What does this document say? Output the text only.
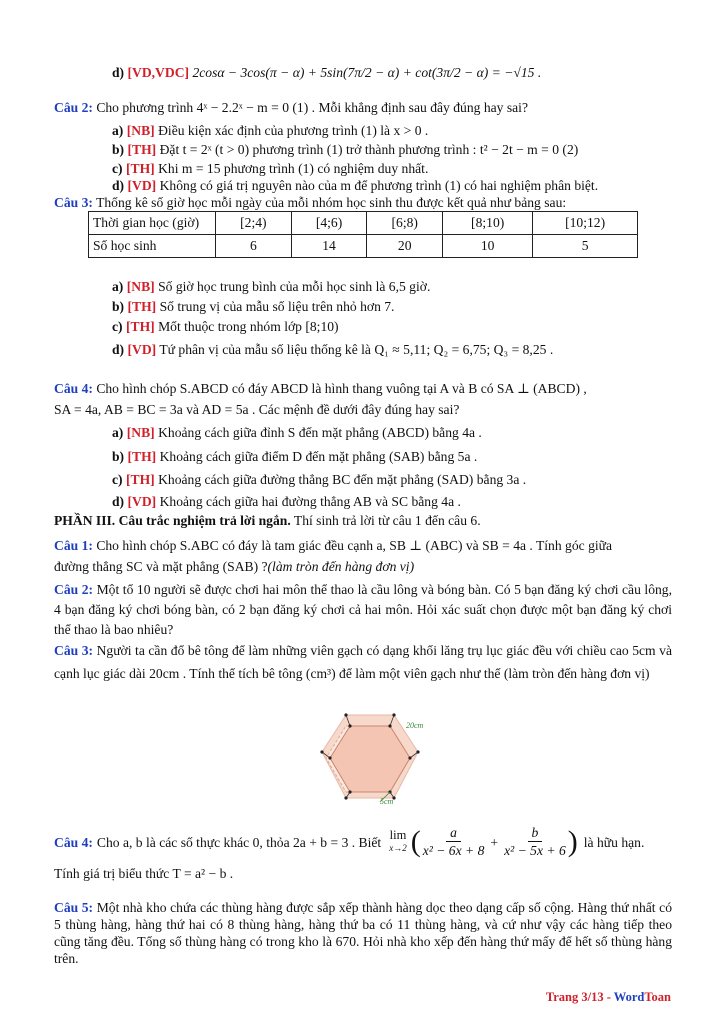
d) [VD,VDC] 2cosα − 3cos(π − α) + 5sin(7π/2 − α) + cot(3π/2 − α) = −√15 .
Câu 2: Cho phương trình 4ˣ − 2.2ˣ − m = 0 (1) . Mỗi khẳng định sau đây đúng hay sai?
a) [NB] Điều kiện xác định của phương trình (1) là x > 0 .
b) [TH] Đặt t = 2ˣ (t > 0) phương trình (1) trở thành phương trình : t² − 2t − m = 0 (2)
c) [TH] Khi m = 15 phương trình (1) có nghiệm duy nhất.
d) [VD] Không có giá trị nguyên nào của m để phương trình (1) có hai nghiệm phân biệt.
Câu 3: Thống kê số giờ học mỗi ngày của mỗi nhóm học sinh thu được kết quả như bảng sau:
Thời gian học (giờ)	[2;4)	[4;6)	[6;8)	[8;10)	[10;12)
Số học sinh	6	14	20	10	5
a) [NB] Số giờ học trung bình của mỗi học sinh là 6,5 giờ.
b) [TH] Số trung vị của mẫu số liệu trên nhỏ hơn 7.
c) [TH] Mốt thuộc trong nhóm lớp [8;10)
d) [VD] Tứ phân vị của mẫu số liệu thống kê là Q₁ ≈ 5,11; Q₂ = 6,75; Q₃ = 8,25 .
Câu 4: Cho hình chóp S.ABCD có đáy ABCD là hình thang vuông tại A và B có SA ⊥ (ABCD) ,
SA = 4a, AB = BC = 3a và AD = 5a . Các mệnh đề dưới đây đúng hay sai?
a) [NB] Khoảng cách giữa đỉnh S đến mặt phẳng (ABCD) bằng 4a .
b) [TH] Khoảng cách giữa điểm D đến mặt phẳng (SAB) bằng 5a .
c) [TH] Khoảng cách giữa đường thẳng BC đến mặt phẳng (SAD) bằng 3a .
d) [VD] Khoảng cách giữa hai đường thẳng AB và SC bằng 4a .
PHẦN III. Câu trắc nghiệm trả lời ngắn. Thí sinh trả lời từ câu 1 đến câu 6.
Câu 1: Cho hình chóp S.ABC có đáy là tam giác đều cạnh a, SB ⊥ (ABC) và SB = 4a . Tính góc giữa
đường thẳng SC và mặt phẳng (SAB) ?(làm tròn đến hàng đơn vị)
Câu 2: Một tổ 10 người sẽ được chơi hai môn thể thao là cầu lông và bóng bàn. Có 5 bạn đăng ký chơi cầu lông, 4 bạn đăng ký chơi bóng bàn, có 2 bạn đăng ký chơi cả hai môn. Hỏi xác suất chọn được một bạn đăng ký chơi thể thao là bao nhiêu?
Câu 3: Người ta cần đổ bê tông để làm những viên gạch có dạng khối lăng trụ lục giác đều với chiều cao 5cm và cạnh lục giác dài 20cm . Tính thể tích bê tông (cm³) để làm một viên gạch như thế (làm tròn đến hàng đơn vị)
20cm
5cm
Câu 4: Cho a, b là các số thực khác 0, thỏa 2a + b = 3 . Biết lim
x→2 ( $\frac{a}{\text{x² − 6x + 8}} + \frac{b}{\text{x² − 5x + 6}}$ ) là hữu hạn.
Tính giá trị biểu thức T = a² − b .
Câu 5: Một nhà kho chứa các thùng hàng được sắp xếp thành hàng dọc theo dạng cấp số cộng. Hàng thứ nhất có 5 thùng hàng, hàng thứ hai có 8 thùng hàng, hàng thứ ba có 11 thùng hàng, và cứ như vậy các hàng tiếp theo cũng tăng đều. Tổng số thùng hàng có trong kho là 670. Hỏi nhà kho xếp đến hàng thứ mấy để hết số thùng hàng trên.
Trang 3/13 - WordToan
